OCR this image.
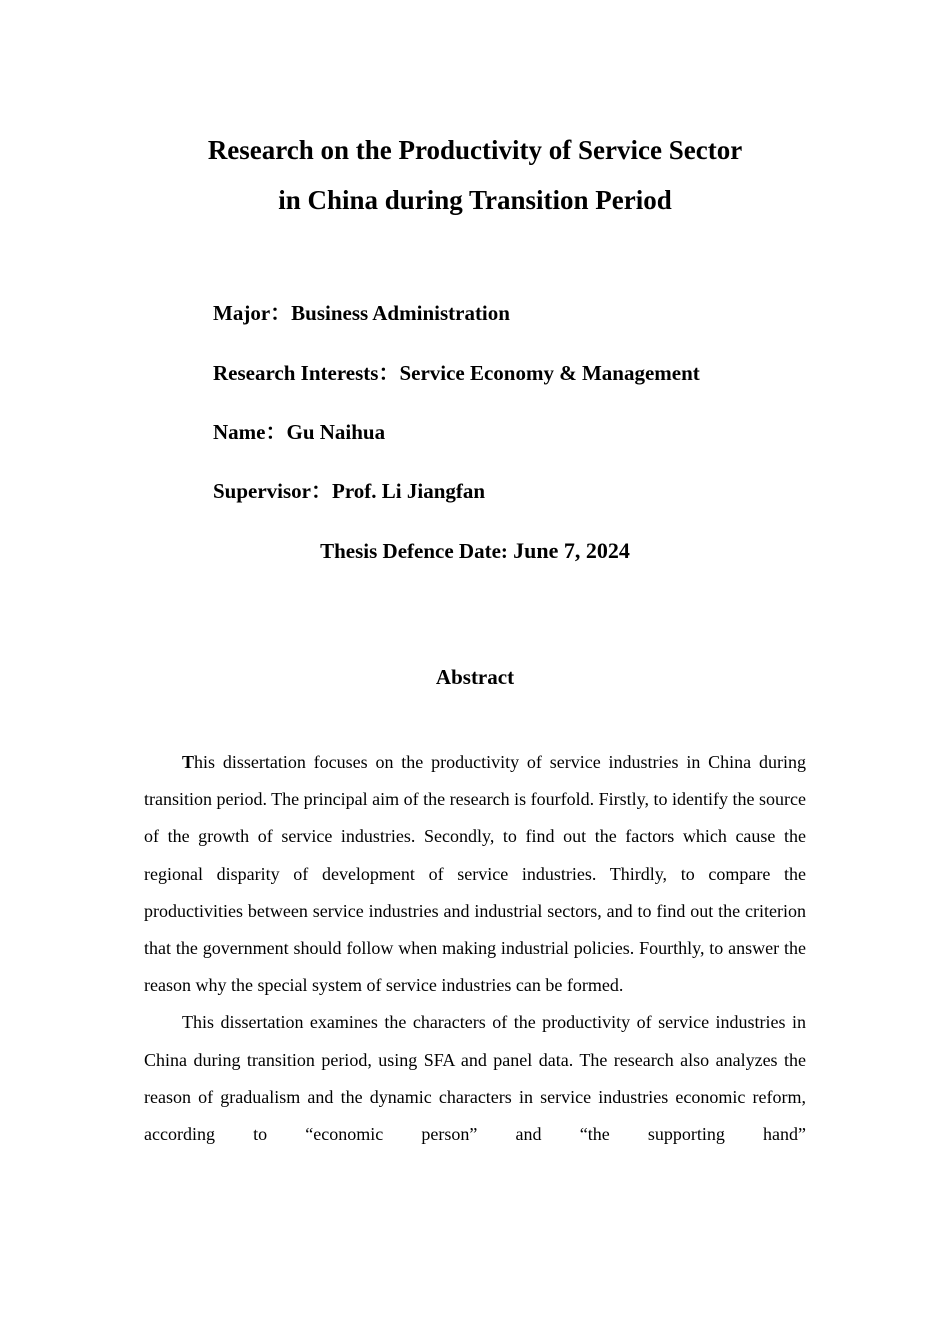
Research on the Productivity of Service Sector
in China during Transition Period
Major：Business Administration
Research Interests：Service Economy & Management
Name：Gu Naihua
Supervisor：Prof. Li Jiangfan
Thesis Defence Date: June 7, 2024
Abstract

This dissertation focuses on the productivity of service industries in China during transition period. The principal aim of the research is fourfold. Firstly, to identify the source of the growth of service industries. Secondly, to find out the factors which cause the regional disparity of development of service industries. Thirdly, to compare the productivities between service industries and industrial sectors, and to find out the criterion that the government should follow when making industrial policies. Fourthly, to answer the reason why the special system of service industries can be formed.

This dissertation examines the characters of the productivity of service industries in China during transition period, using SFA and panel data. The research also analyzes the reason of gradualism and the dynamic characters in service industries economic reform, according to “economic person” and “the supporting hand”
